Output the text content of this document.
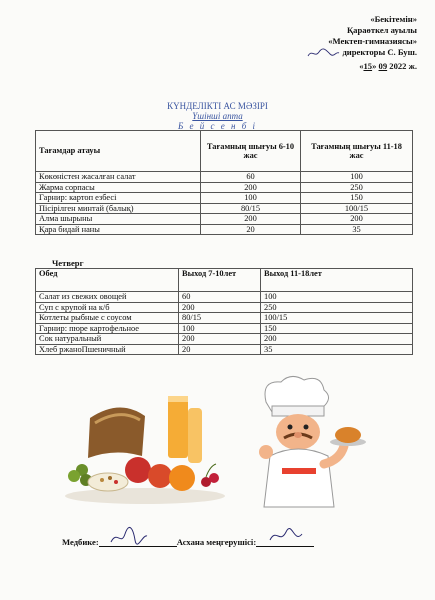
«Бекітемін»
Қараөткел ауылы
«Мектеп-гимназиясы»
директоры С. Буш.
«15» 09 2022 ж.
КҮНДЕЛІКТІ АС МӘЗІРІ
Үшінші апта
Б е й с е н б і
Тағамдар атауы	Тағамның шығуы 6-10 жас	Тағамның шығуы 11-18 жас
Көкөністен жасалған салат	60	100
Жарма сорпасы	200	250
Гарнир: картоп езбесі	100	150
Пісірілген минтай (балық)	80/15	100/15
Алма шырыны	200	200
Қара бидай наны	20	35
Четверг
Обед	Выход 7-10лет	Выход 11-18лет
Салат из свежих овощей	60	100
Суп с крупой на к/б	200	250
Котлеты рыбные с соусом	80/15	100/15
Гарнир: пюре картофельное	100	150
Сок натуральный	200	200
Хлеб ржаноПшеничный	20	35
Медбике:	Асхана меңгерушісі:
